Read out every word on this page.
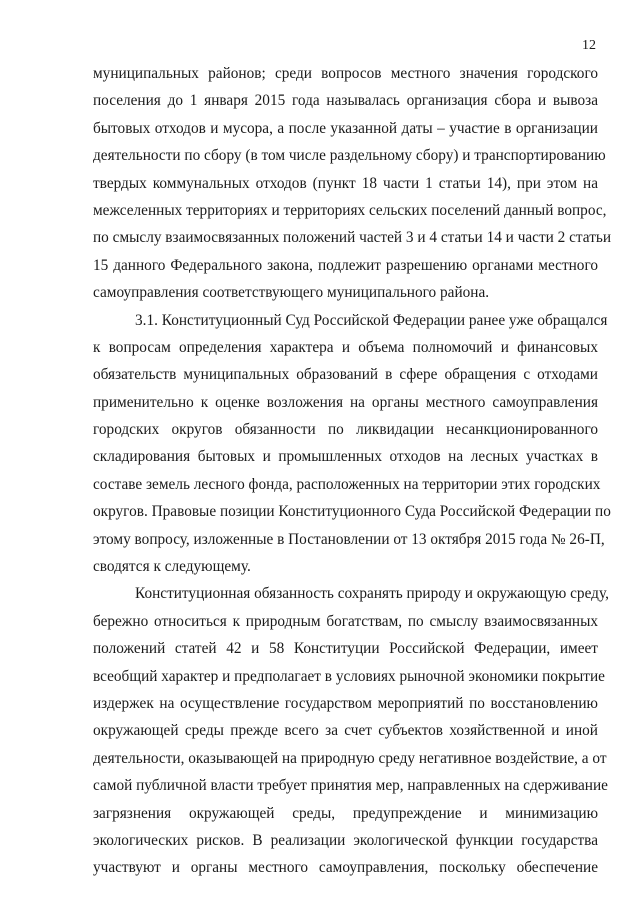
12
муниципальных районов; среди вопросов местного значения городского
поселения до 1 января 2015 года называлась организация сбора и вывоза
бытовых отходов и мусора, а после указанной даты – участие в организации
деятельности по сбору (в том числе раздельному сбору) и транспортированию
твердых коммунальных отходов (пункт 18 части 1 статьи 14), при этом на
межселенных территориях и территориях сельских поселений данный вопрос,
по смыслу взаимосвязанных положений частей 3 и 4 статьи 14 и части 2 статьи
15 данного Федерального закона, подлежит разрешению органами местного
самоуправления соответствующего муниципального района.
3.1. Конституционный Суд Российской Федерации ранее уже обращался
к вопросам определения характера и объема полномочий и финансовых
обязательств муниципальных образований в сфере обращения с отходами
применительно к оценке возложения на органы местного самоуправления
городских округов обязанности по ликвидации несанкционированного
складирования бытовых и промышленных отходов на лесных участках в
составе земель лесного фонда, расположенных на территории этих городских
округов. Правовые позиции Конституционного Суда Российской Федерации по
этому вопросу, изложенные в Постановлении от 13 октября 2015 года № 26-П,
сводятся к следующему.
Конституционная обязанность сохранять природу и окружающую среду,
бережно относиться к природным богатствам, по смыслу взаимосвязанных
положений статей 42 и 58 Конституции Российской Федерации, имеет
всеобщий характер и предполагает в условиях рыночной экономики покрытие
издержек на осуществление государством мероприятий по восстановлению
окружающей среды прежде всего за счет субъектов хозяйственной и иной
деятельности, оказывающей на природную среду негативное воздействие, а от
самой публичной власти требует принятия мер, направленных на сдерживание
загрязнения окружающей среды, предупреждение и минимизацию
экологических рисков. В реализации экологической функции государства
участвуют и органы местного самоуправления, поскольку обеспечение
